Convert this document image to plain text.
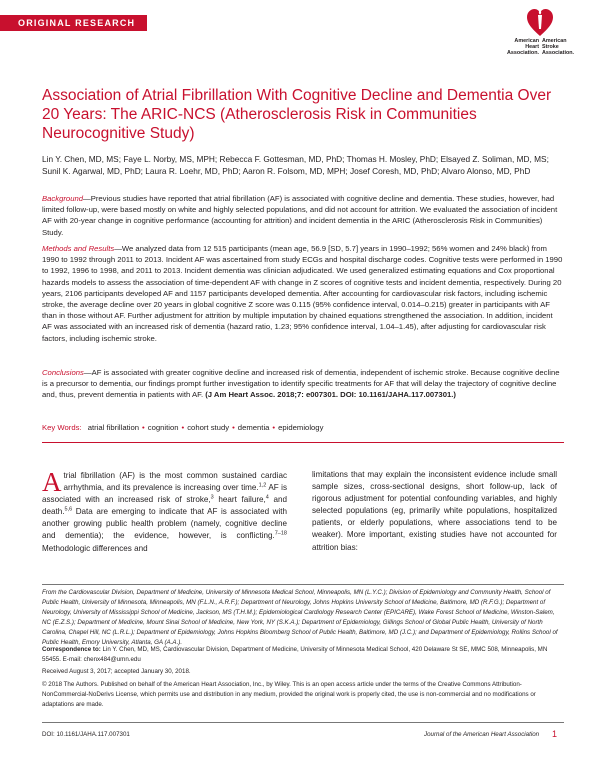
ORIGINAL RESEARCH
American
Heart
Association.
American
Stroke
Association.
Association of Atrial Fibrillation With Cognitive Decline and Dementia Over 20 Years: The ARIC-NCS (Atherosclerosis Risk in Communities Neurocognitive Study)
Lin Y. Chen, MD, MS; Faye L. Norby, MS, MPH; Rebecca F. Gottesman, MD, PhD; Thomas H. Mosley, PhD; Elsayed Z. Soliman, MD, MS; Sunil K. Agarwal, MD, PhD; Laura R. Loehr, MD, PhD; Aaron R. Folsom, MD, MPH; Josef Coresh, MD, PhD; Alvaro Alonso, MD, PhD
Background—Previous studies have reported that atrial fibrillation (AF) is associated with cognitive decline and dementia. These studies, however, had limited follow-up, were based mostly on white and highly selected populations, and did not account for attrition. We evaluated the association of incident AF with 20-year change in cognitive performance (accounting for attrition) and incident dementia in the ARIC (Atherosclerosis Risk in Communities) Study.
Methods and Results—We analyzed data from 12 515 participants (mean age, 56.9 [SD, 5.7] years in 1990–1992; 56% women and 24% black) from 1990 to 1992 through 2011 to 2013. Incident AF was ascertained from study ECGs and hospital discharge codes. Cognitive tests were performed in 1990 to 1992, 1996 to 1998, and 2011 to 2013. Incident dementia was clinician adjudicated. We used generalized estimating equations and Cox proportional hazards models to assess the association of time-dependent AF with change in Z scores of cognitive tests and incident dementia, respectively. During 20 years, 2106 participants developed AF and 1157 participants developed dementia. After accounting for cardiovascular risk factors, including ischemic stroke, the average decline over 20 years in global cognitive Z score was 0.115 (95% confidence interval, 0.014–0.215) greater in participants with AF than in those without AF. Further adjustment for attrition by multiple imputation by chained equations strengthened the association. In addition, incident AF was associated with an increased risk of dementia (hazard ratio, 1.23; 95% confidence interval, 1.04–1.45), after adjusting for cardiovascular risk factors, including ischemic stroke.
Conclusions—AF is associated with greater cognitive decline and increased risk of dementia, independent of ischemic stroke. Because cognitive decline is a precursor to dementia, our findings prompt further investigation to identify specific treatments for AF that will delay the trajectory of cognitive decline and, thus, prevent dementia in patients with AF. (J Am Heart Assoc. 2018;7: e007301. DOI: 10.1161/JAHA.117.007301.)
Key Words: atrial fibrillation • cognition • cohort study • dementia • epidemiology

Atrial fibrillation (AF) is the most common sustained cardiac arrhythmia, and its prevalence is increasing over time.$^{1,2}$ AF is associated with an increased risk of stroke,$^3$ heart failure,$^4$ and death.$^{5,6}$ Data are emerging to indicate that AF is associated with another growing public health problem (namely, cognitive decline and dementia); the evidence, however, is conflicting.$^{7-18}$ Methodologic differences and

limitations that may explain the inconsistent evidence include small sample sizes, cross-sectional designs, short follow-up, lack of rigorous adjustment for potential confounding variables, and highly selected populations (eg, primarily white populations, hospitalized patients, or elderly populations, where associations tend to be weaker). More important, existing studies have not accounted for attrition bias:

From the Cardiovascular Division, Department of Medicine, University of Minnesota Medical School, Minneapolis, MN (L.Y.C.); Division of Epidemiology and Community Health, School of Public Health, University of Minnesota, Minneapolis, MN (F.L.N., A.R.F.); Department of Neurology, Johns Hopkins University School of Medicine, Baltimore, MD (R.F.G.); Department of Neurology, University of Mississippi School of Medicine, Jackson, MS (T.H.M.); Epidemiological Cardiology Research Center (EPICARE), Wake Forest School of Medicine, Winston-Salem, NC (E.Z.S.); Department of Medicine, Mount Sinai School of Medicine, New York, NY (S.K.A.); Department of Epidemiology, Gillings School of Global Public Health, University of North Carolina, Chapel Hill, NC (L.R.L.); Department of Epidemiology, Johns Hopkins Bloomberg School of Public Health, Baltimore, MD (J.C.); and Department of Epidemiology, Rollins School of Public Health, Emory University, Atlanta, GA (A.A.).

Correspondence to: Lin Y. Chen, MD, MS, Cardiovascular Division, Department of Medicine, University of Minnesota Medical School, 420 Delaware St SE, MMC 508, Minneapolis, MN 55455. E-mail: chenx484@umn.edu

Received August 3, 2017; accepted January 30, 2018.

© 2018 The Authors. Published on behalf of the American Heart Association, Inc., by Wiley. This is an open access article under the terms of the Creative Commons Attribution-NonCommercial-NoDerivs License, which permits use and distribution in any medium, provided the original work is properly cited, the use is non-commercial and no modifications or adaptations are made.

DOI: 10.1161/JAHA.117.007301	Journal of the American Heart Association 1
